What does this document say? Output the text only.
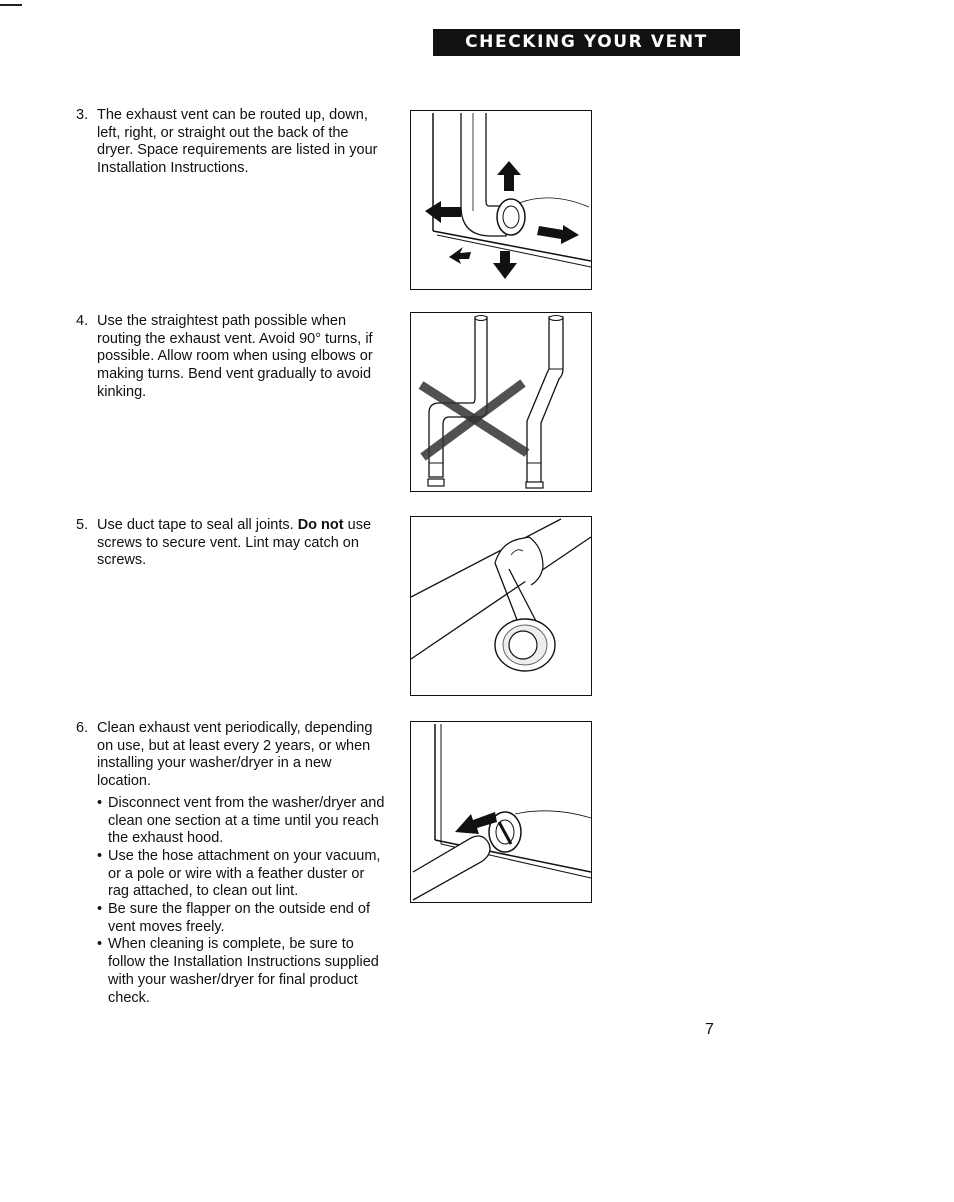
CHECKING YOUR VENT
3. The exhaust vent can be routed up, down, left, right, or straight out the back of the dryer. Space requirements are listed in your Installation Instructions.
4. Use the straightest path possible when routing the exhaust vent. Avoid 90° turns, if possible. Allow room when using elbows or making turns. Bend vent gradually to avoid kinking.
5. Use duct tape to seal all joints. Do not use screws to secure vent. Lint may catch on screws.
6. Clean exhaust vent periodically, depending on use, but at least every 2 years, or when installing your washer/dryer in a new location.
• Disconnect vent from the washer/dryer and clean one section at a time until you reach the exhaust hood.
• Use the hose attachment on your vacuum, or a pole or wire with a feather duster or rag attached, to clean out lint.
• Be sure the flapper on the outside end of vent moves freely.
• When cleaning is complete, be sure to follow the Installation Instructions supplied with your washer/dryer for final product check.
7
